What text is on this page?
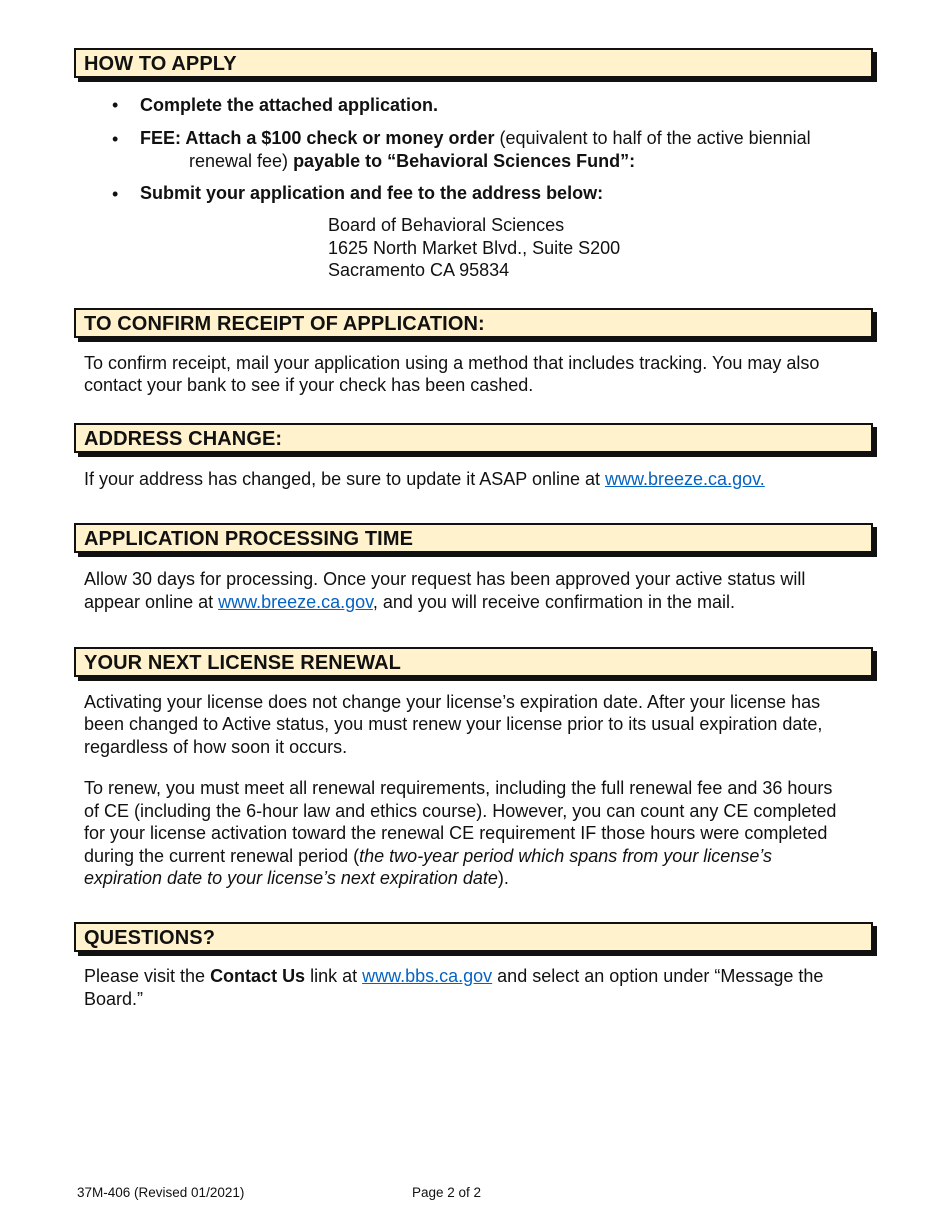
HOW TO APPLY
• Complete the attached application.
• FEE: Attach a $100 check or money order (equivalent to half of the active biennial
renewal fee) payable to “Behavioral Sciences Fund”:
• Submit your application and fee to the address below:
Board of Behavioral Sciences
1625 North Market Blvd., Suite S200
Sacramento CA 95834
TO CONFIRM RECEIPT OF APPLICATION:
To confirm receipt, mail your application using a method that includes tracking. You may also
contact your bank to see if your check has been cashed.
ADDRESS CHANGE:
If your address has changed, be sure to update it ASAP online at www.breeze.ca.gov.
APPLICATION PROCESSING TIME
Allow 30 days for processing. Once your request has been approved your active status will
appear online at www.breeze.ca.gov, and you will receive confirmation in the mail.
YOUR NEXT LICENSE RENEWAL
Activating your license does not change your license’s expiration date. After your license has
been changed to Active status, you must renew your license prior to its usual expiration date,
regardless of how soon it occurs.
To renew, you must meet all renewal requirements, including the full renewal fee and 36 hours
of CE (including the 6-hour law and ethics course). However, you can count any CE completed
for your license activation toward the renewal CE requirement IF those hours were completed
during the current renewal period (the two-year period which spans from your license’s
expiration date to your license’s next expiration date).
QUESTIONS?
Please visit the Contact Us link at www.bbs.ca.gov and select an option under “Message the
Board.”
37M-406 (Revised 01/2021)	Page 2 of 2
